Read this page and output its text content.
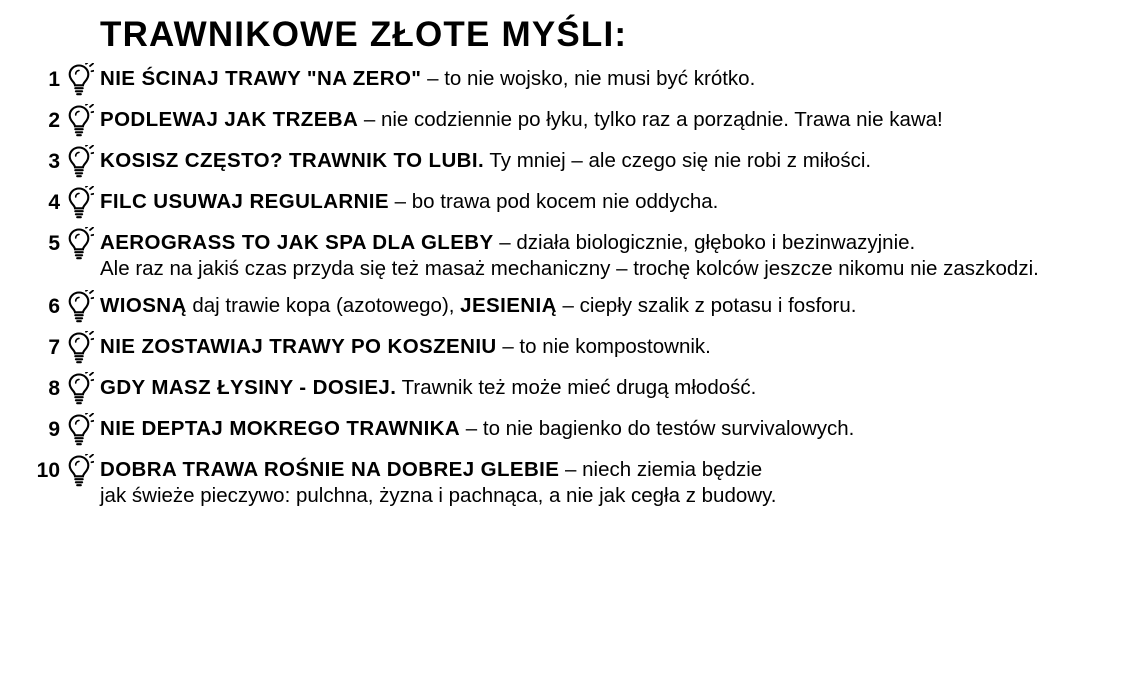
TRAWNIKOWE ZŁOTE MYŚLI:
1 NIE ŚCINAJ TRAWY "NA ZERO" – to nie wojsko, nie musi być krótko.
2 PODLEWAJ JAK TRZEBA – nie codziennie po łyku, tylko raz a porządnie. Trawa nie kawa!
3 KOSISZ CZĘSTO? TRAWNIK TO LUBI. Ty mniej – ale czego się nie robi z miłości.
4 FILC USUWAJ REGULARNIE – bo trawa pod kocem nie oddycha.
5 AEROGRASS TO JAK SPA DLA GLEBY – działa biologicznie, głęboko i bezinwazyjnie.
Ale raz na jakiś czas przyda się też masaż mechaniczny – trochę kolców jeszcze nikomu nie zaszkodzi.
6 WIOSNĄ daj trawie kopa (azotowego), JESIENIĄ – ciepły szalik z potasu i fosforu.
7 NIE ZOSTAWIAJ TRAWY PO KOSZENIU – to nie kompostownik.
8 GDY MASZ ŁYSINY - DOSIEJ. Trawnik też może mieć drugą młodość.
9 NIE DEPTAJ MOKREGO TRAWNIKA – to nie bagienko do testów survivalowych.
10 DOBRA TRAWA ROŚNIE NA DOBREJ GLEBIE – niech ziemia będzie
jak świeże pieczywo: pulchna, żyzna i pachnąca, a nie jak cegła z budowy.
